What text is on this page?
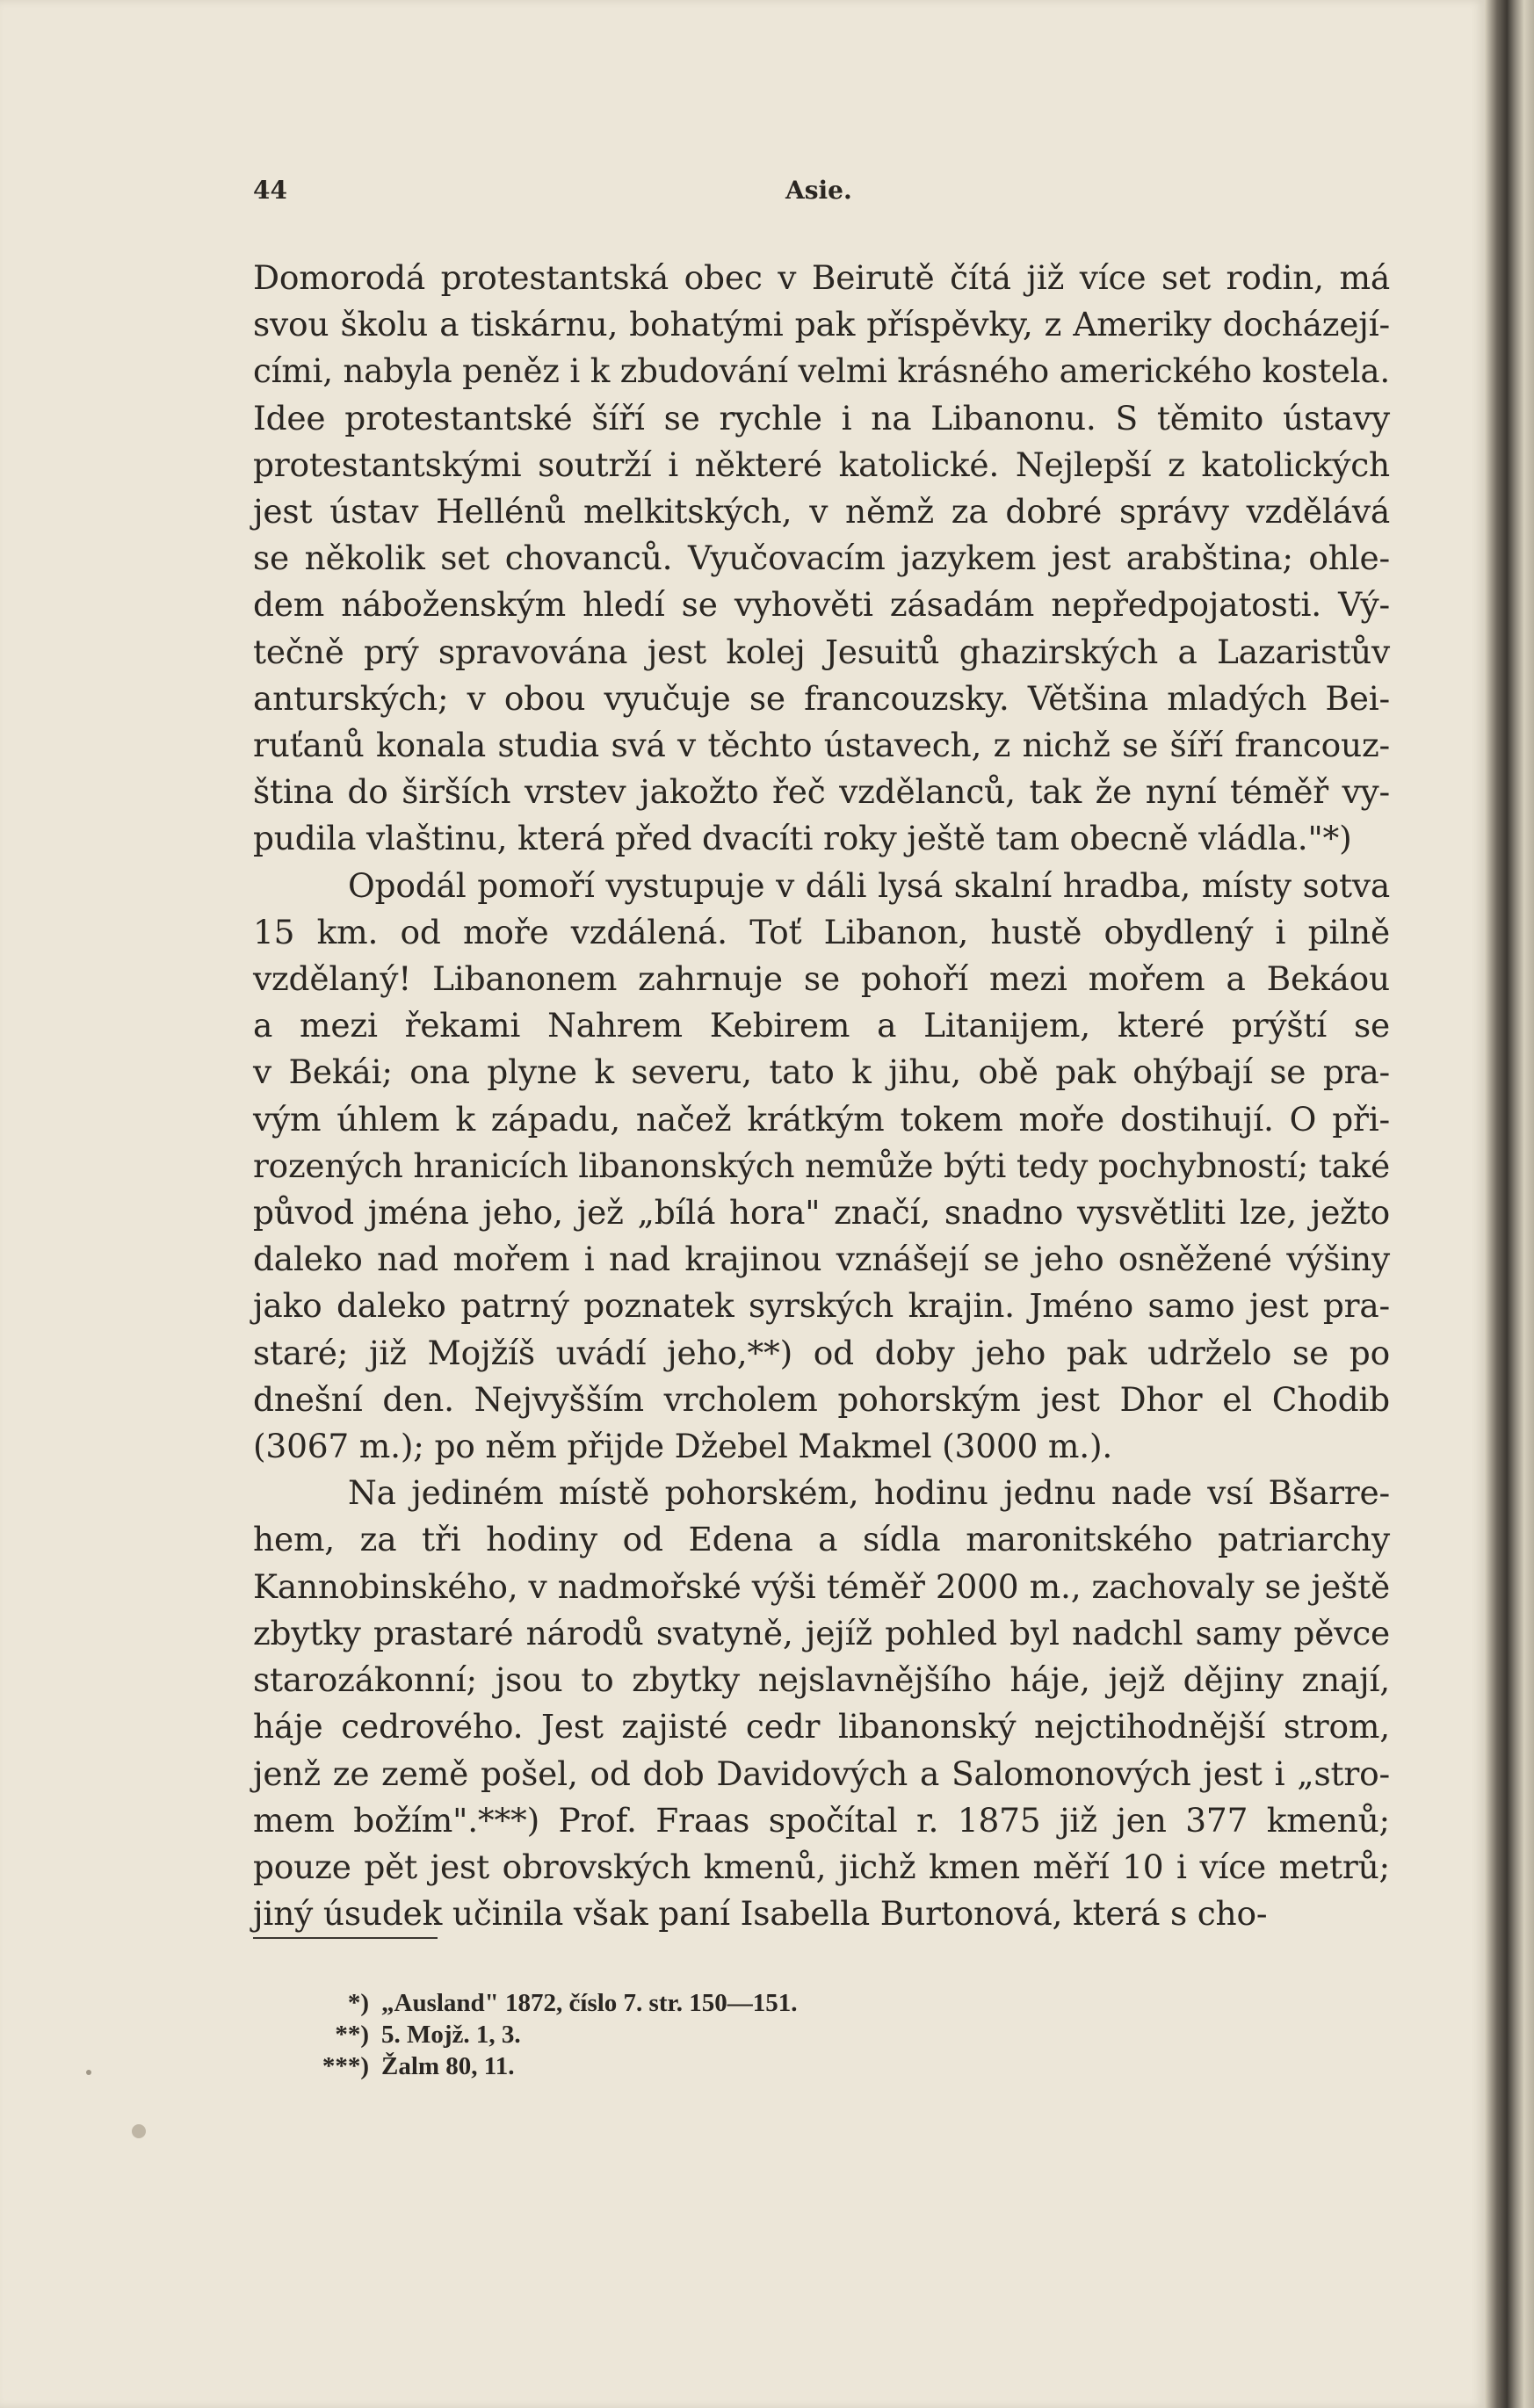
44	Asie.

Domorodá protestantská obec v Beirutě čítá již více set rodin, má
svou školu a tiskárnu, bohatými pak příspěvky, z Ameriky docházejí-
cími, nabyla peněz i k zbudování velmi krásného amerického kostela.
Idee protestantské šíří se rychle i na Libanonu. S těmito ústavy
protestantskými soutrží i některé katolické. Nejlepší z katolických
jest ústav Hellénů melkitských, v němž za dobré správy vzdělává
se několik set chovanců. Vyučovacím jazykem jest arabština; ohle-
dem náboženským hledí se vyhověti zásadám nepředpojatosti. Vý-
tečně prý spravována jest kolej Jesuitů ghazirských a Lazaristův
anturských; v obou vyučuje se francouzsky. Většina mladých Bei-
ruťanů konala studia svá v těchto ústavech, z nichž se šíří francouz-
ština do širších vrstev jakožto řeč vzdělanců, tak že nyní téměř vy-
pudila vlaštinu, která před dvacíti roky ještě tam obecně vládla."*)

Opodál pomoří vystupuje v dáli lysá skalní hradba, místy sotva
15 km. od moře vzdálená. Toť Libanon, hustě obydlený i pilně
vzdělaný! Libanonem zahrnuje se pohoří mezi mořem a Bekáou
a mezi řekami Nahrem Kebirem a Litanijem, které prýští se
v Bekái; ona plyne k severu, tato k jihu, obě pak ohýbají se pra-
vým úhlem k západu, načež krátkým tokem moře dostihují. O při-
rozených hranicích libanonských nemůže býti tedy pochybností; také
původ jména jeho, jež „bílá hora" značí, snadno vysvětliti lze, ježto
daleko nad mořem i nad krajinou vznášejí se jeho osněžené výšiny
jako daleko patrný poznatek syrských krajin. Jméno samo jest pra-
staré; již Mojžíš uvádí jeho,**) od doby jeho pak udrželo se po
dnešní den. Nejvyšším vrcholem pohorským jest Dhor el Chodib
(3067 m.); po něm přijde Džebel Makmel (3000 m.).

Na jediném místě pohorském, hodinu jednu nade vsí Bšarre-
hem, za tři hodiny od Edena a sídla maronitského patriarchy
Kannobinského, v nadmořské výši téměř 2000 m., zachovaly se ještě
zbytky prastaré národů svatyně, jejíž pohled byl nadchl samy pěvce
starozákonní; jsou to zbytky nejslavnějšího háje, jejž dějiny znají,
háje cedrového. Jest zajisté cedr libanonský nejctihodnější strom,
jenž ze země pošel, od dob Davidových a Salomonových jest i „stro-
mem božím".***) Prof. Fraas spočítal r. 1875 již jen 377 kmenů;
pouze pět jest obrovských kmenů, jichž kmen měří 10 i více metrů;
jiný úsudek učinila však paní Isabella Burtonová, která s cho-

*) „Ausland" 1872, číslo 7. str. 150—151.
**) 5. Mojž. 1, 3.
***) Žalm 80, 11.
